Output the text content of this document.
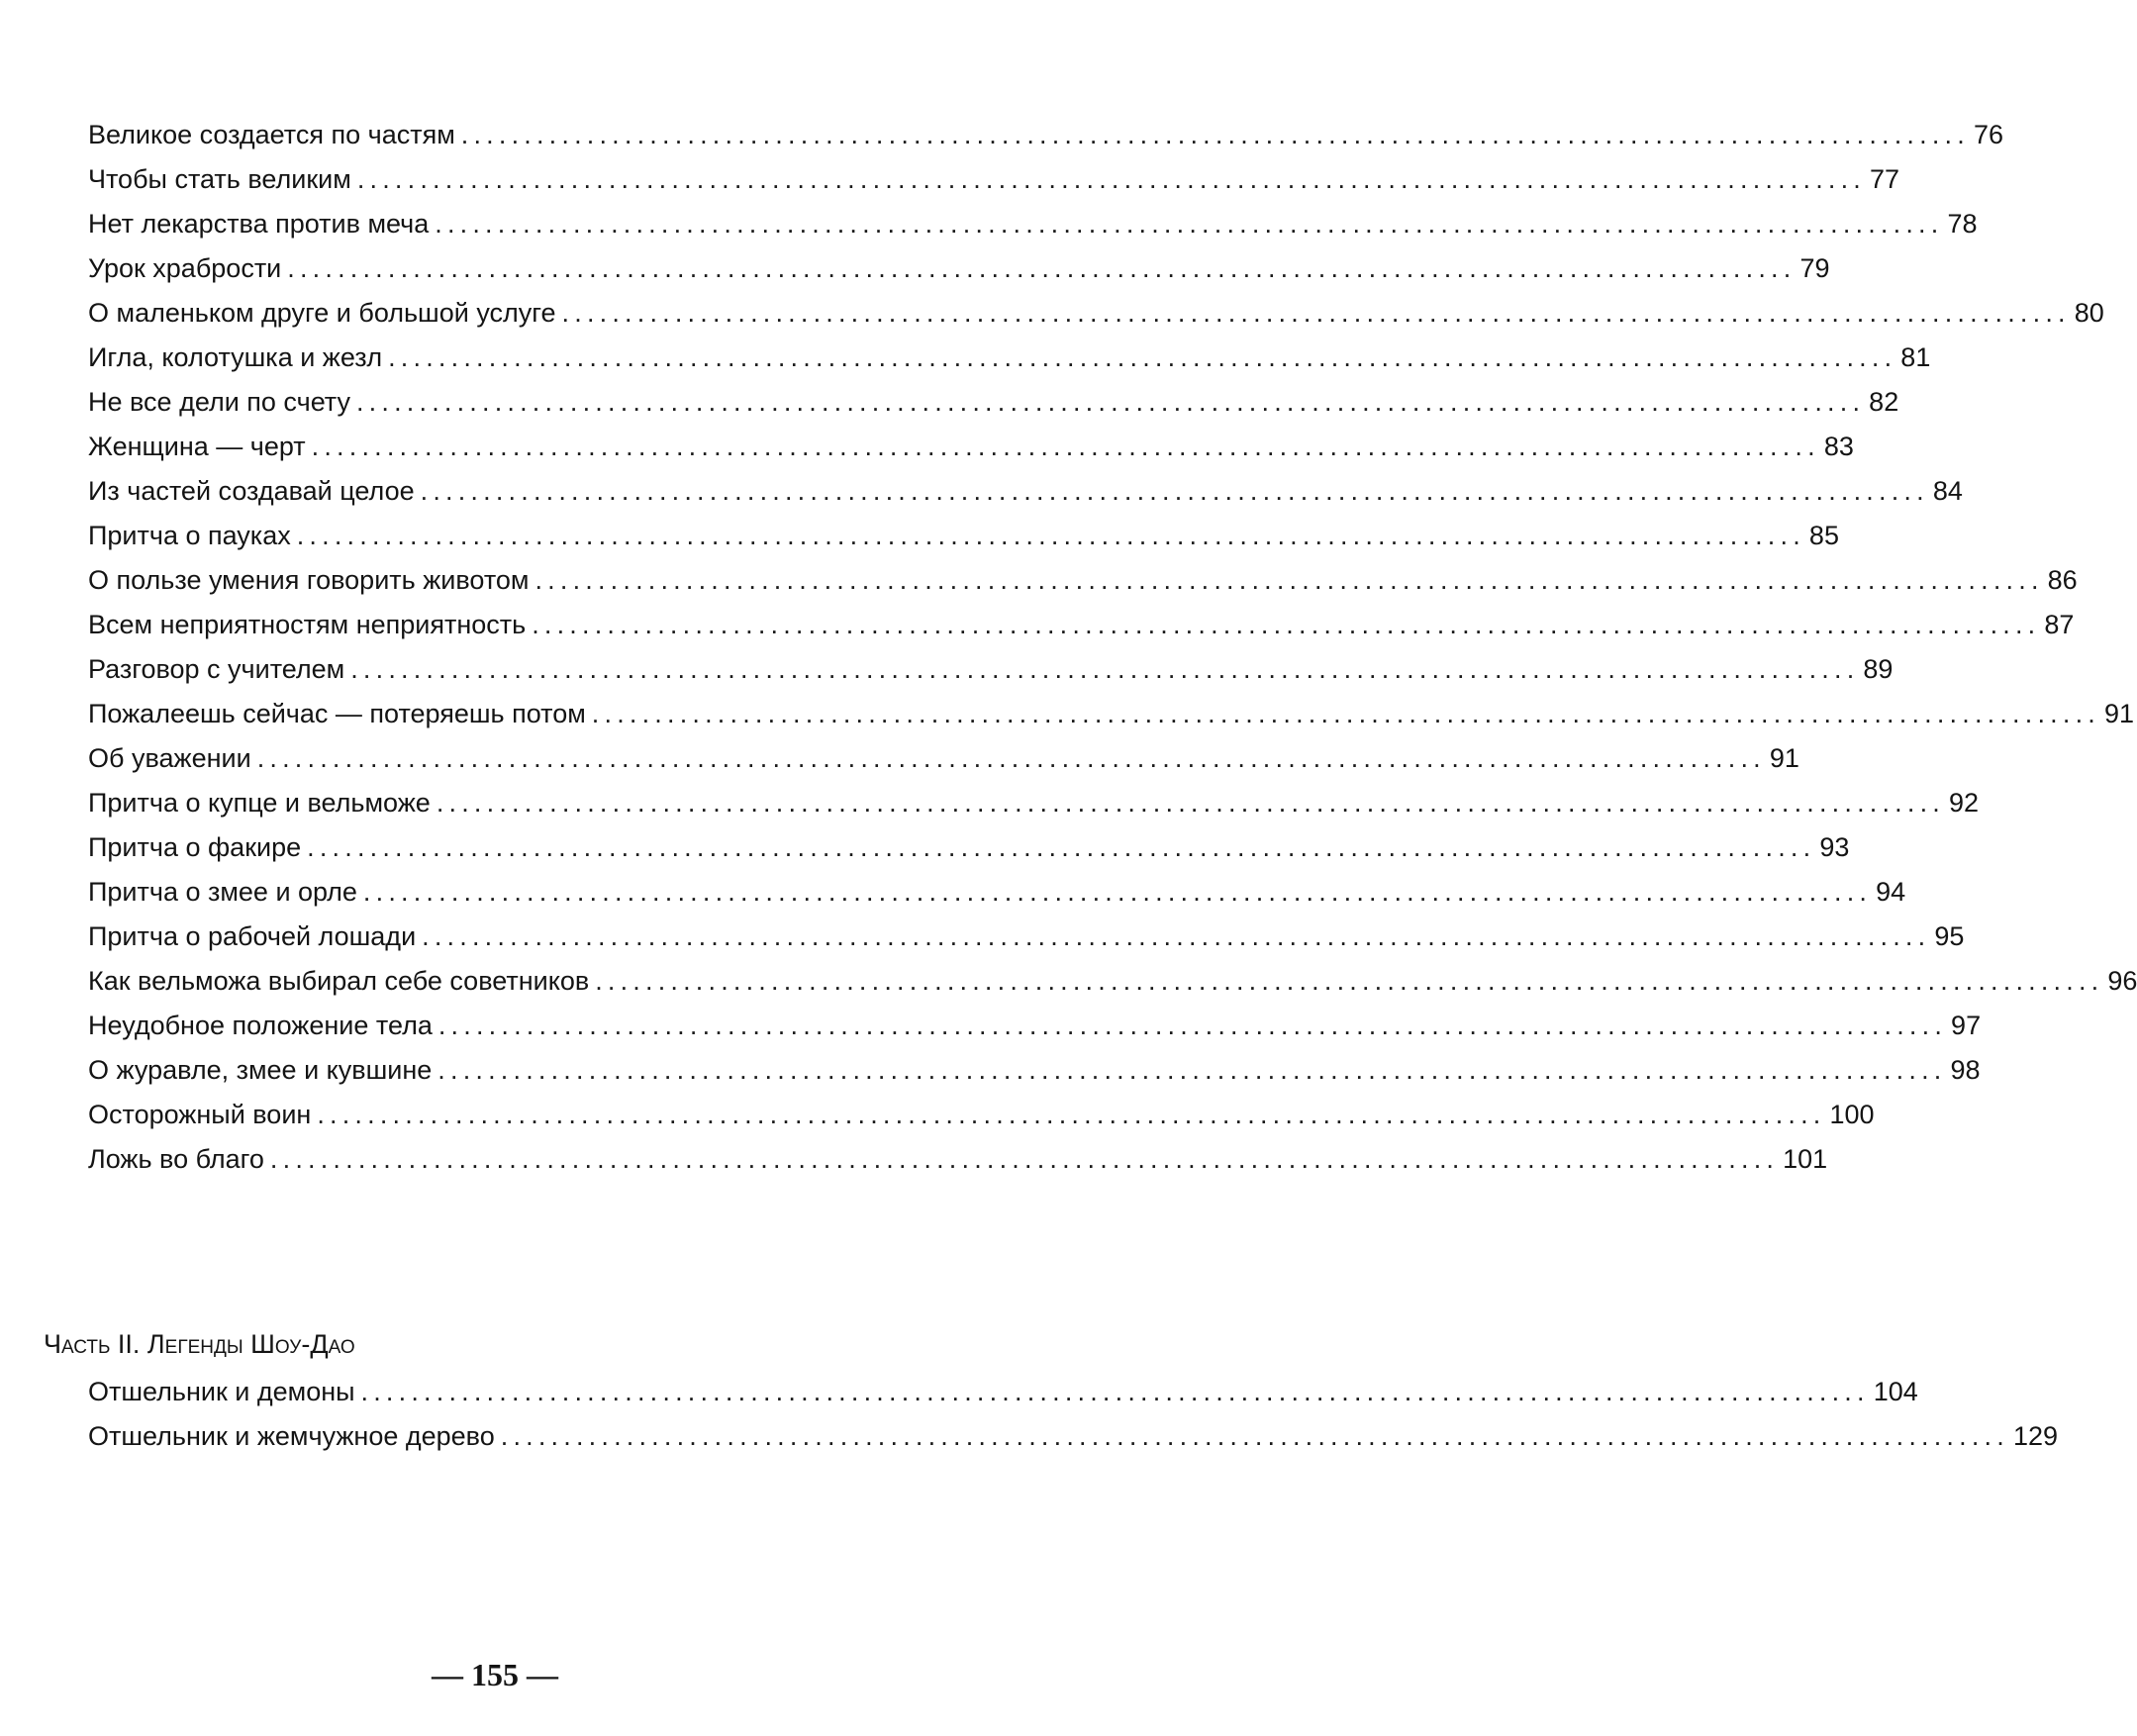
Великое создается по частям ........................................................................................................................ 76
Чтобы стать великим ........................................................................................................................ 77
Нет лекарства против меча ........................................................................................................................ 78
Урок храбрости ........................................................................................................................ 79
О маленьком друге и большой услуге ........................................................................................................................ 80
Игла, колотушка и жезл ........................................................................................................................ 81
Не все дели по счету ........................................................................................................................ 82
Женщина — черт ........................................................................................................................ 83
Из частей создавай целое ........................................................................................................................ 84
Притча о пауках ........................................................................................................................ 85
О пользе умения говорить животом ........................................................................................................................ 86
Всем неприятностям неприятность ........................................................................................................................ 87
Разговор с учителем ........................................................................................................................ 89
Пожалеешь сейчас — потеряешь потом ........................................................................................................................ 91
Об уважении ........................................................................................................................ 91
Притча о купце и вельможе ........................................................................................................................ 92
Притча о факире ........................................................................................................................ 93
Притча о змее и орле ........................................................................................................................ 94
Притча о рабочей лошади ........................................................................................................................ 95
Как вельможа выбирал себе советников ........................................................................................................................ 96
Неудобное положение тела ........................................................................................................................ 97
О журавле, змее и кувшине ........................................................................................................................ 98
Осторожный воин ........................................................................................................................ 100
Ложь во благо ........................................................................................................................ 101
Часть II. Легенды Шоу-Дао
Отшельник и демоны ........................................................................................................................ 104
Отшельник и жемчужное дерево ........................................................................................................................ 129
— 155 —
